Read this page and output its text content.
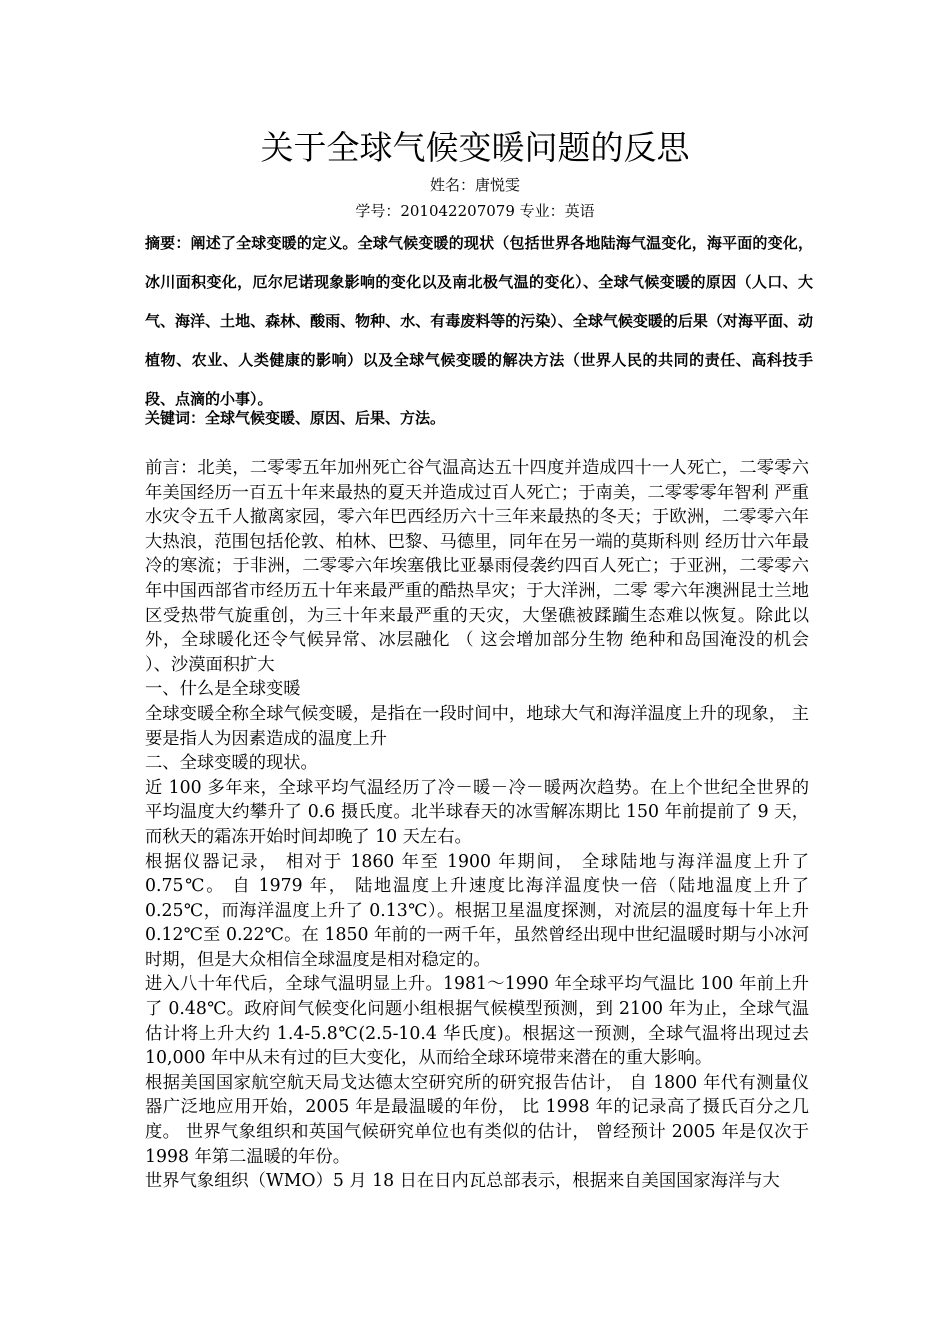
关于全球气候变暖问题的反思
姓名：唐悦雯
学号：201042207079 专业：英语

摘要：阐述了全球变暖的定义。全球气候变暖的现状（包括世界各地陆海气温变化，海平面的变化，冰川面积变化，厄尔尼诺现象影响的变化以及南北极气温的变化）、全球气候变暖的原因（人口、大气、海洋、土地、森林、酸雨、物种、水、有毒废料等的污染）、全球气候变暖的后果（对海平面、动植物、农业、人类健康的影响）以及全球气候变暖的解决方法（世界人民的共同的责任、高科技手段、点滴的小事）。

关键词：全球气候变暖、原因、后果、方法。

前言：北美，二零零五年加州死亡谷气温高达五十四度并造成四十一人死亡，二零零六年美国经历一百五十年来最热的夏天并造成过百人死亡；于南美，二零零零年智利 严重水灾令五千人撤离家园，零六年巴西经历六十三年来最热的冬天；于欧洲，二零零六年大热浪，范围包括伦敦、柏林、巴黎、马德里，同年在另一端的莫斯科则 经历廿六年最冷的寒流；于非洲，二零零六年埃塞俄比亚暴雨侵袭约四百人死亡；于亚洲，二零零六年中国西部省市经历五十年来最严重的酷热旱灾；于大洋洲，二零 零六年澳洲昆士兰地区受热带气旋重创，为三十年来最严重的天灾，大堡礁被蹂躏生态难以恢复。除此以外，全球暖化还令气候异常、冰层融化 （ 这会增加部分生物 绝种和岛国淹没的机会 ）、沙漠面积扩大

一、什么是全球变暖

全球变暖全称全球气候变暖，是指在一段时间中，地球大气和海洋温度上升的现象， 主要是指人为因素造成的温度上升

二、全球变暖的现状。

近 100 多年来，全球平均气温经历了冷－暖－冷－暖两次趋势。在上个世纪全世界的平均温度大约攀升了 0.6 摄氏度。北半球春天的冰雪解冻期比 150 年前提前了 9 天， 而秋天的霜冻开始时间却晚了 10 天左右。

根据仪器记录， 相对于 1860 年至 1900 年期间， 全球陆地与海洋温度上升了 0.75℃。 自 1979 年， 陆地温度上升速度比海洋温度快一倍（陆地温度上升了 0.25℃，而海洋温度上升了 0.13℃）。根据卫星温度探测，对流层的温度每十年上升 0.12℃至 0.22℃。在 1850 年前的一两千年，虽然曾经出现中世纪温暖时期与小冰河时期，但是大众相信全球温度是相对稳定的。

进入八十年代后，全球气温明显上升。1981～1990 年全球平均气温比 100 年前上升了 0.48℃。政府间气候变化问题小组根据气候模型预测，到 2100 年为止，全球气温估计将上升大约 1.4-5.8℃(2.5-10.4 华氏度)。根据这一预测，全球气温将出现过去 10,000 年中从未有过的巨大变化，从而给全球环境带来潜在的重大影响。

根据美国国家航空航天局戈达德太空研究所的研究报告估计， 自 1800 年代有测量仪器广泛地应用开始，2005 年是最温暖的年份， 比 1998 年的记录高了摄氏百分之几度。 世界气象组织和英国气候研究单位也有类似的估计， 曾经预计 2005 年是仅次于 1998 年第二温暖的年份。

世界气象组织（WMO）5 月 18 日在日内瓦总部表示，根据来自美国国家海洋与大
